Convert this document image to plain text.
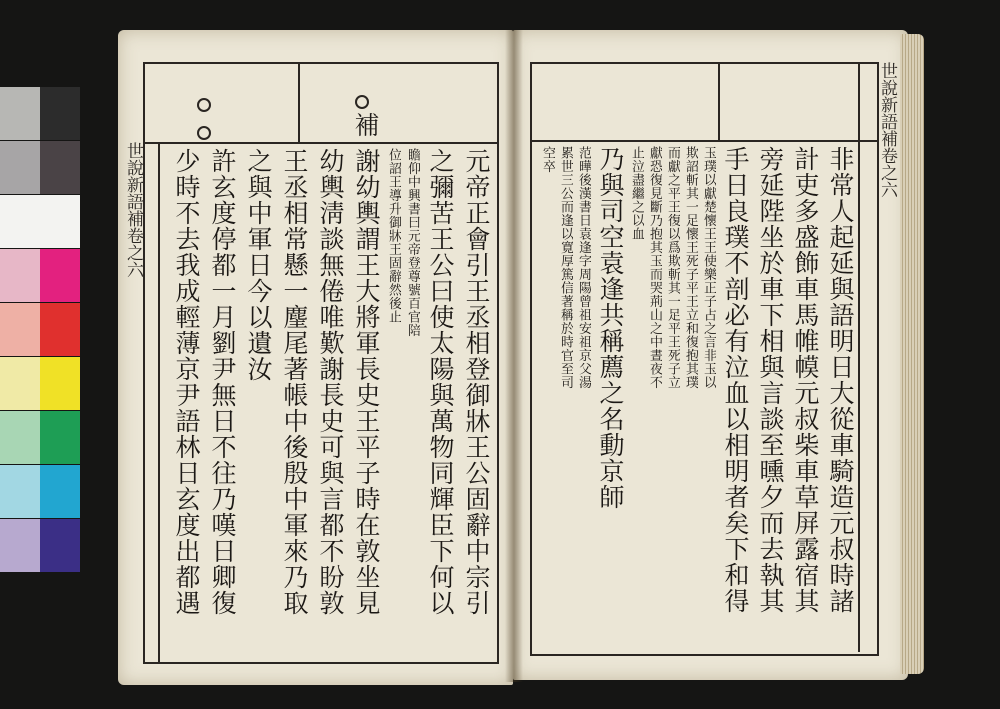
補
世說新語補卷之六	元帝正會引王丞相登御牀王公固辭中宗引
之彌苦王公曰使太陽與萬物同輝臣下何以
瞻仰中興書曰元帝登尊號百官陪
位詔王導升御牀王固辭然後止
謝幼輿謂王大將軍長史王平子時在敦坐見
幼輿淸談無倦唯歎謝長史可與言都不盼敦
王丞相常懸一麈尾著帳中後殷中軍來乃取
之與中軍日今以遺汝
許玄度停都一月劉尹無日不往乃嘆日卿復
少時不去我成輕薄京尹語林日玄度出都遇
世說新語補卷之六
非常人起延與語明日大從車騎造元叔時諸
計吏多盛飾車馬帷幙元叔柴車草屏露宿其
旁延陛坐於車下相與言談至曛夕而去執其
手日良璞不剖必有泣血以相明者矣下和得
玉璞以獻楚懷王王使樂正子占之言非玉以
欺詔斬其一足懷王死子平王立和復抱其璞
而獻之平王復以爲欺斬其一足平王死子立
獻恐復見斷乃抱其玉而哭荊山之中晝夜不
止泣盡繼之以血
乃與司空袁逢共稱薦之名動京師
范曄後漢書日袁逢字周陽曾祖安祖京父湯
累世三公而逢以寛厚篤信著稱於時官至司
空卒
